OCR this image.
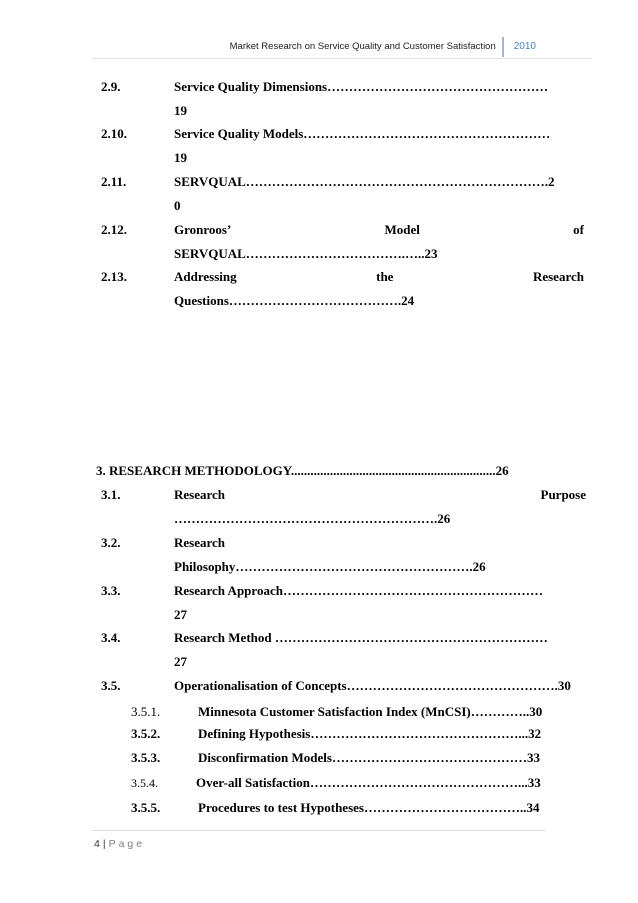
Market Research on Service Quality and Customer Satisfaction	2010
2.9.	Service Quality Dimensions……………………………………………
19
2.10.	Service Quality Models…………………………………………………
19
2.11.	SERVQUAL…………………………………………………………….2
0
2.12.	Gronroos’	Model	of
SERVQUAL……………………………….…..23
2.13.	Addressing	the	Research
Questions………………………………….24
3. RESEARCH METHODOLOGY...............................................................26
3.1.	Research	Purpose
…………………………………………………….26
3.2.	Research
Philosophy……………………………………………….26
3.3.	Research Approach……………………………………………………
27
3.4.	Research Method ………………………………………………………
27
3.5.	Operationalisation of Concepts………………………………………….30
3.5.1.	Minnesota Customer Satisfaction Index (MnCSI)…………..30
3.5.2.	Defining Hypothesis…………………………………………...32
3.5.3.	Disconfirmation Models………………………………………33
3.5.4.	Over-all Satisfaction…………………………………………...33
3.5.5.	Procedures to test Hypotheses………………………………..34
4 | Page
